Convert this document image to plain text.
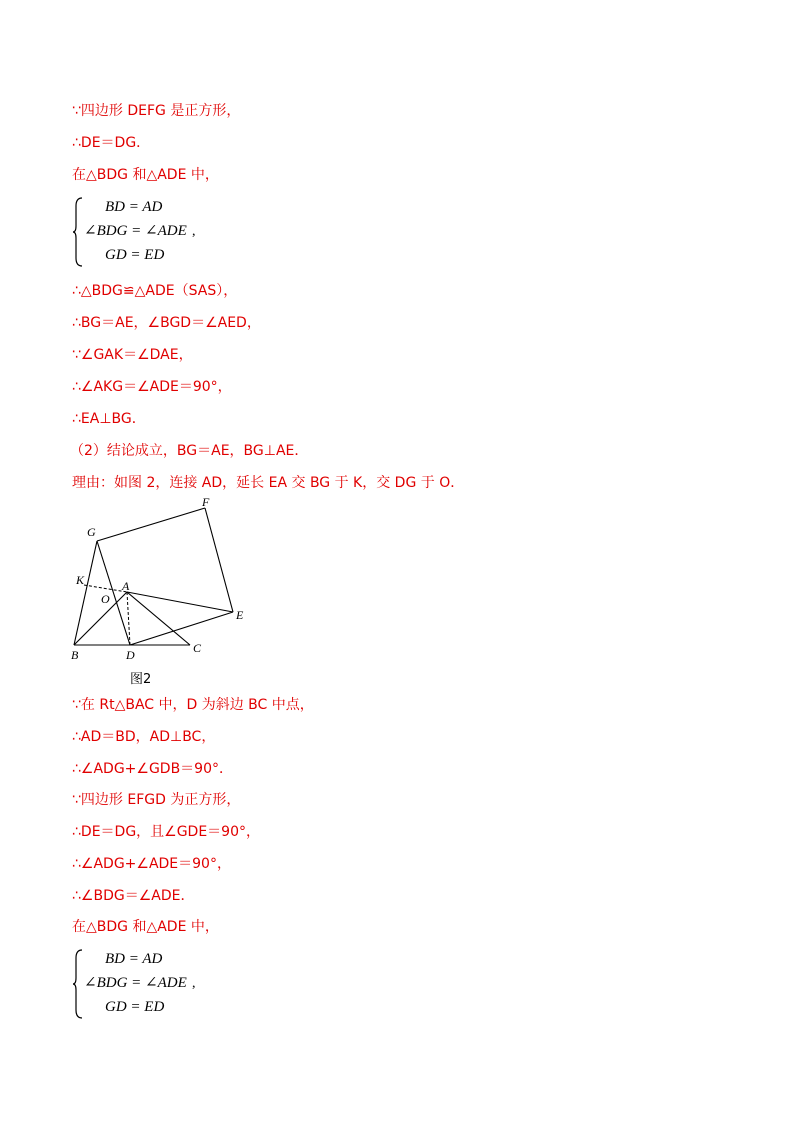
∵四边形 DEFG 是正方形，
∴DE＝DG．
在△BDG 和△ADE 中，
BD = AD
∠BDG = ∠ADE ,
GD = ED
∴△BDG≌△ADE（SAS），
∴BG＝AE，∠BGD＝∠AED，
∵∠GAK＝∠DAE，
∴∠AKG＝∠ADE＝90°，
∴EA⊥BG．
（2）结论成立，BG＝AE，BG⊥AE．
理由：如图 2，连接 AD，延长 EA 交 BG 于 K，交 DG 于 O．
F
G
K	A
O
E
B	D	C
图2
∵在 Rt△BAC 中，D 为斜边 BC 中点，
∴AD＝BD，AD⊥BC，
∴∠ADG+∠GDB＝90°．
∵四边形 EFGD 为正方形，
∴DE＝DG，且∠GDE＝90°，
∴∠ADG+∠ADE＝90°，
∴∠BDG＝∠ADE．
在△BDG 和△ADE 中，
BD = AD
∠BDG = ∠ADE ,
GD = ED
